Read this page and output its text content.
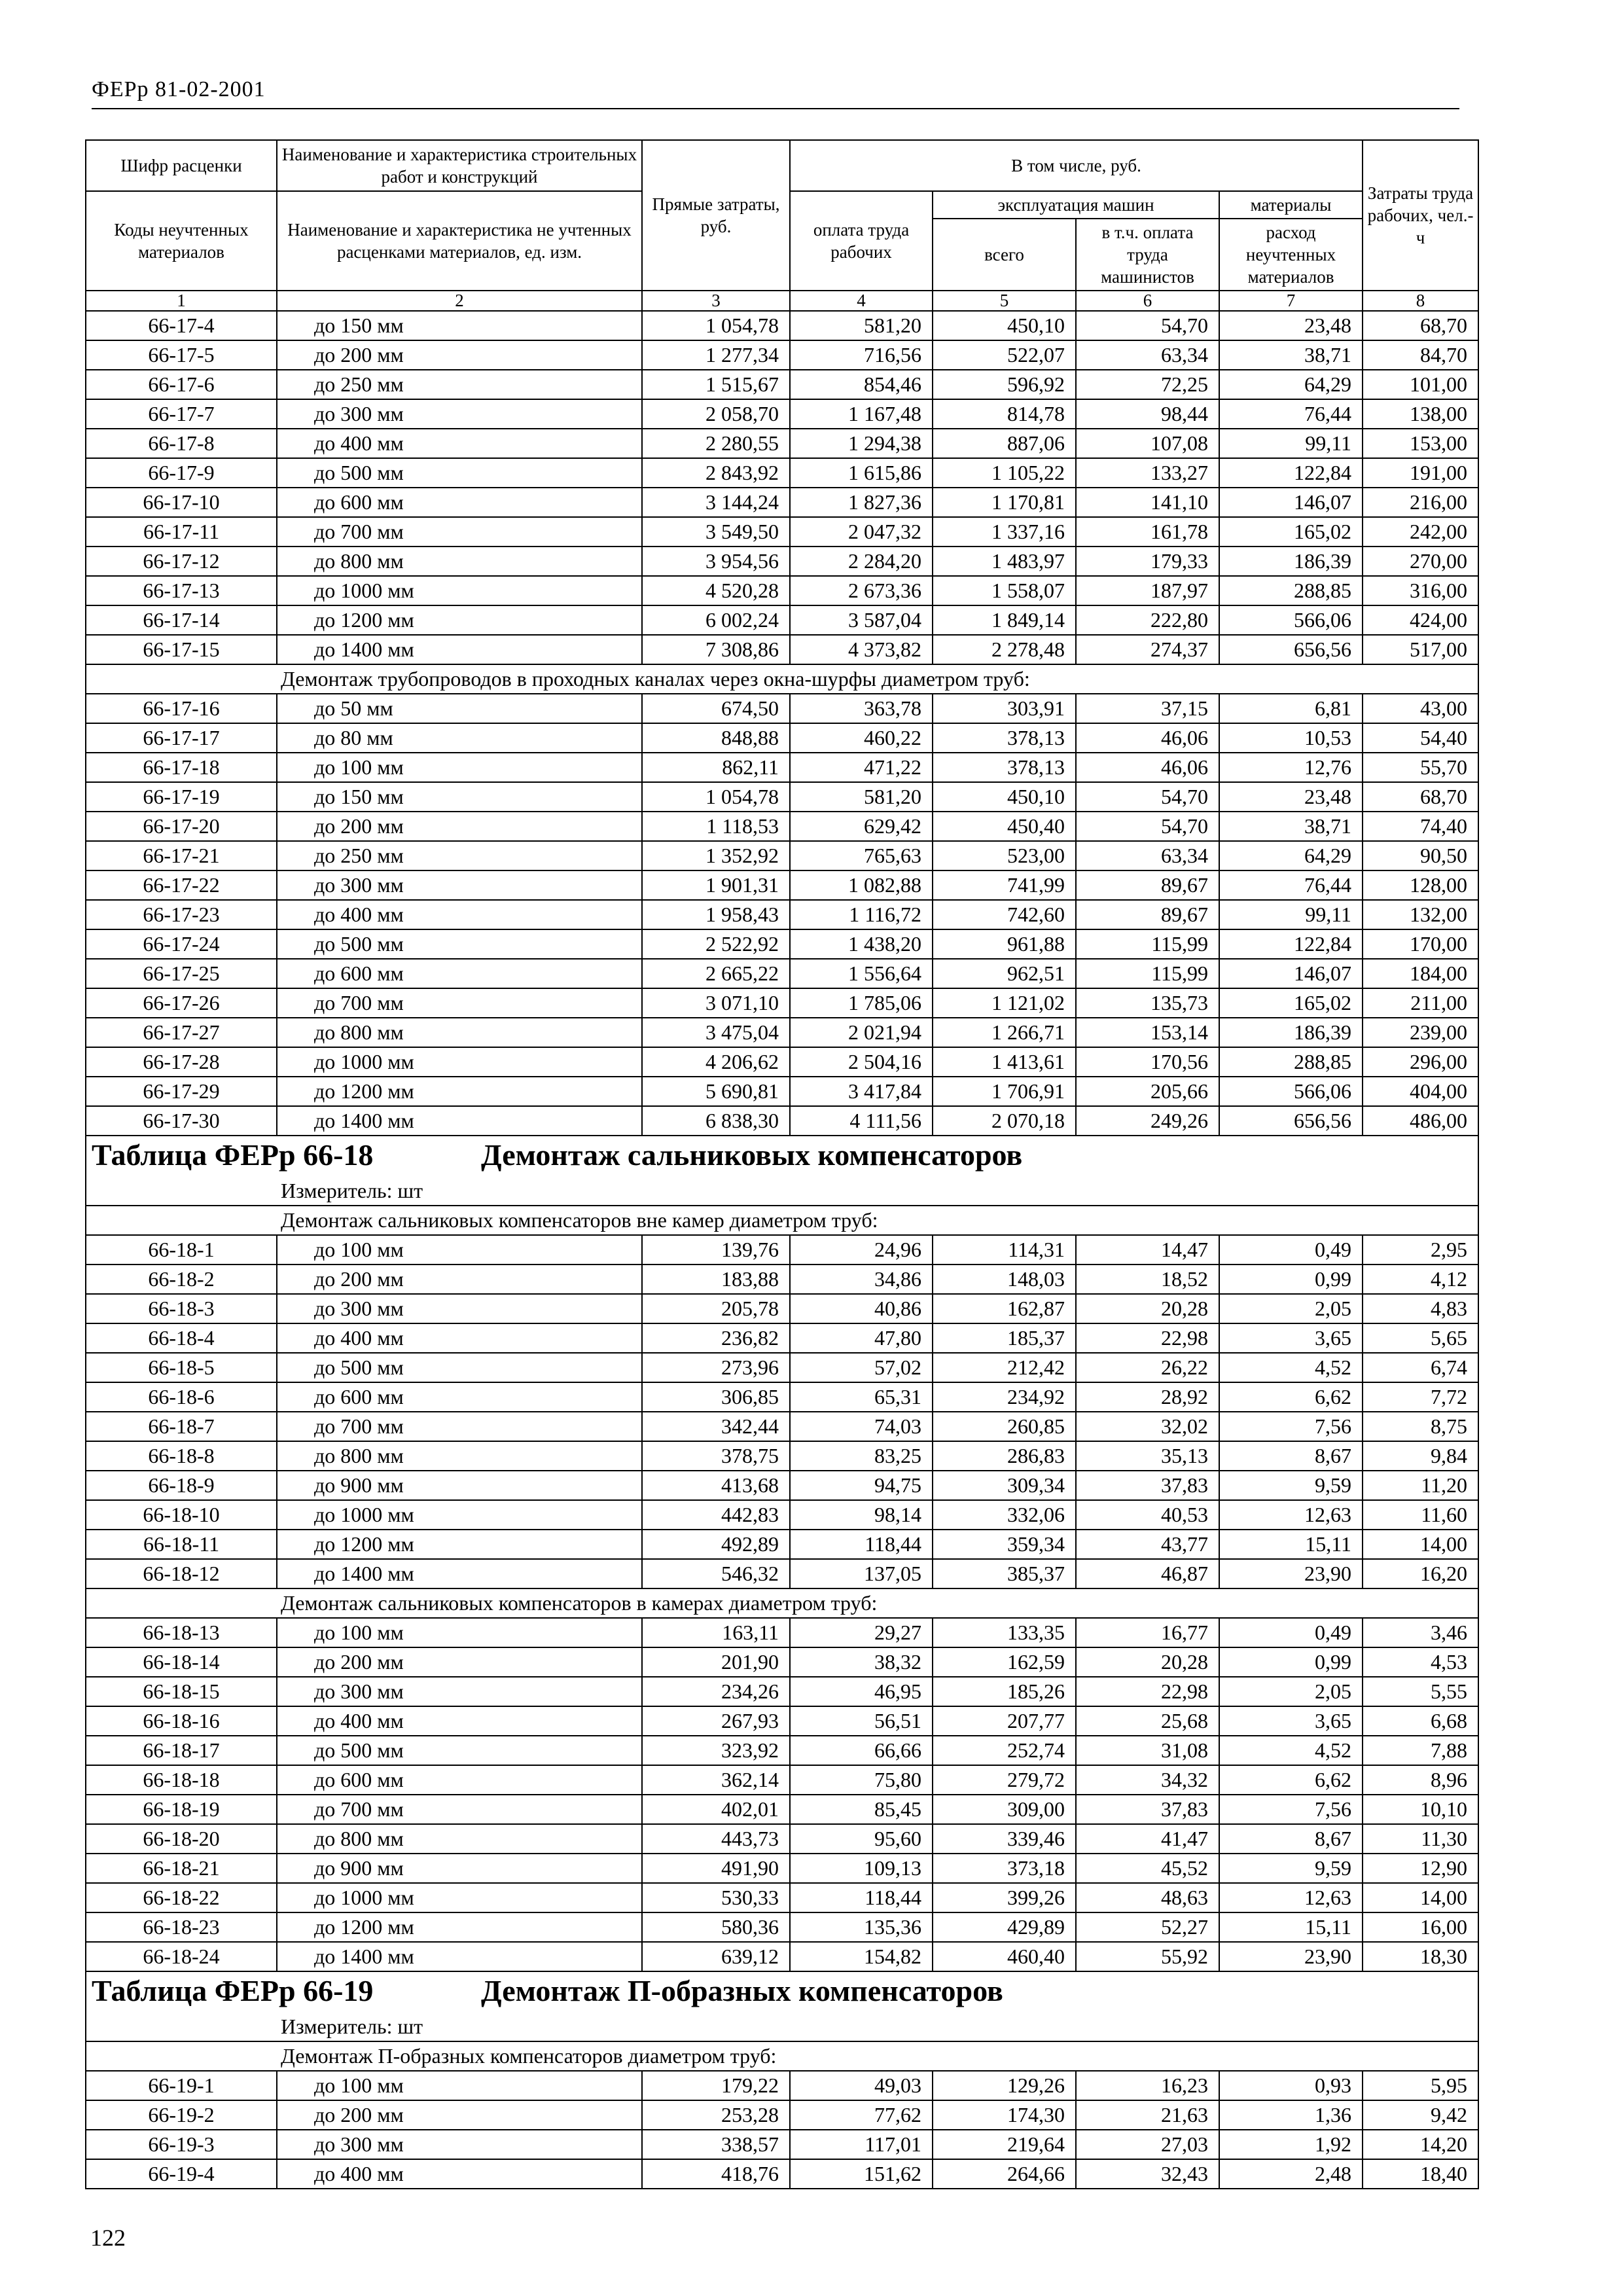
ФЕРр 81-02-2001
Шифр расценки	Наименование и характеристика строительных работ и конструкций	Прямые затраты, руб.	В том числе, руб.				Затраты труда рабочих, чел.-ч
Коды неучтенных материалов	Наименование и характеристика не учтенных расценками материалов, ед. изм.		оплата труда рабочих	эксплуатация машин		материалы	
				всего	в т.ч. оплата труда машинистов	расход неучтенных материалов	

1	2	3	4	5	6	7	8
66-17-4	до 150 мм	1 054,78	581,20	450,10	54,70	23,48	68,70
66-17-5	до 200 мм	1 277,34	716,56	522,07	63,34	38,71	84,70
66-17-6	до 250 мм	1 515,67	854,46	596,92	72,25	64,29	101,00
66-17-7	до 300 мм	2 058,70	1 167,48	814,78	98,44	76,44	138,00
66-17-8	до 400 мм	2 280,55	1 294,38	887,06	107,08	99,11	153,00
66-17-9	до 500 мм	2 843,92	1 615,86	1 105,22	133,27	122,84	191,00
66-17-10	до 600 мм	3 144,24	1 827,36	1 170,81	141,10	146,07	216,00
66-17-11	до 700 мм	3 549,50	2 047,32	1 337,16	161,78	165,02	242,00
66-17-12	до 800 мм	3 954,56	2 284,20	1 483,97	179,33	186,39	270,00
66-17-13	до 1000 мм	4 520,28	2 673,36	1 558,07	187,97	288,85	316,00
66-17-14	до 1200 мм	6 002,24	3 587,04	1 849,14	222,80	566,06	424,00
66-17-15	до 1400 мм	7 308,86	4 373,82	2 278,48	274,37	656,56	517,00
Демонтаж трубопроводов в проходных каналах через окна-шурфы диаметром труб:							
66-17-16	до 50 мм	674,50	363,78	303,91	37,15	6,81	43,00
66-17-17	до 80 мм	848,88	460,22	378,13	46,06	10,53	54,40
66-17-18	до 100 мм	862,11	471,22	378,13	46,06	12,76	55,70
66-17-19	до 150 мм	1 054,78	581,20	450,10	54,70	23,48	68,70
66-17-20	до 200 мм	1 118,53	629,42	450,40	54,70	38,71	74,40
66-17-21	до 250 мм	1 352,92	765,63	523,00	63,34	64,29	90,50
66-17-22	до 300 мм	1 901,31	1 082,88	741,99	89,67	76,44	128,00
66-17-23	до 400 мм	1 958,43	1 116,72	742,60	89,67	99,11	132,00
66-17-24	до 500 мм	2 522,92	1 438,20	961,88	115,99	122,84	170,00
66-17-25	до 600 мм	2 665,22	1 556,64	962,51	115,99	146,07	184,00
66-17-26	до 700 мм	3 071,10	1 785,06	1 121,02	135,73	165,02	211,00
66-17-27	до 800 мм	3 475,04	2 021,94	1 266,71	153,14	186,39	239,00
66-17-28	до 1000 мм	4 206,62	2 504,16	1 413,61	170,56	288,85	296,00
66-17-29	до 1200 мм	5 690,81	3 417,84	1 706,91	205,66	566,06	404,00
66-17-30	до 1400 мм	6 838,30	4 111,56	2 070,18	249,26	656,56	486,00
Таблица ФЕРр 66-18 Демонтаж сальниковых компенсаторов							
Измеритель: шт							
Демонтаж сальниковых компенсаторов вне камер диаметром труб:							
66-18-1	до 100 мм	139,76	24,96	114,31	14,47	0,49	2,95
66-18-2	до 200 мм	183,88	34,86	148,03	18,52	0,99	4,12
66-18-3	до 300 мм	205,78	40,86	162,87	20,28	2,05	4,83
66-18-4	до 400 мм	236,82	47,80	185,37	22,98	3,65	5,65
66-18-5	до 500 мм	273,96	57,02	212,42	26,22	4,52	6,74
66-18-6	до 600 мм	306,85	65,31	234,92	28,92	6,62	7,72
66-18-7	до 700 мм	342,44	74,03	260,85	32,02	7,56	8,75
66-18-8	до 800 мм	378,75	83,25	286,83	35,13	8,67	9,84
66-18-9	до 900 мм	413,68	94,75	309,34	37,83	9,59	11,20
66-18-10	до 1000 мм	442,83	98,14	332,06	40,53	12,63	11,60
66-18-11	до 1200 мм	492,89	118,44	359,34	43,77	15,11	14,00
66-18-12	до 1400 мм	546,32	137,05	385,37	46,87	23,90	16,20
Демонтаж сальниковых компенсаторов в камерах диаметром труб:							
66-18-13	до 100 мм	163,11	29,27	133,35	16,77	0,49	3,46
66-18-14	до 200 мм	201,90	38,32	162,59	20,28	0,99	4,53
66-18-15	до 300 мм	234,26	46,95	185,26	22,98	2,05	5,55
66-18-16	до 400 мм	267,93	56,51	207,77	25,68	3,65	6,68
66-18-17	до 500 мм	323,92	66,66	252,74	31,08	4,52	7,88
66-18-18	до 600 мм	362,14	75,80	279,72	34,32	6,62	8,96
66-18-19	до 700 мм	402,01	85,45	309,00	37,83	7,56	10,10
66-18-20	до 800 мм	443,73	95,60	339,46	41,47	8,67	11,30
66-18-21	до 900 мм	491,90	109,13	373,18	45,52	9,59	12,90
66-18-22	до 1000 мм	530,33	118,44	399,26	48,63	12,63	14,00
66-18-23	до 1200 мм	580,36	135,36	429,89	52,27	15,11	16,00
66-18-24	до 1400 мм	639,12	154,82	460,40	55,92	23,90	18,30
Таблица ФЕРр 66-19 Демонтаж П-образных компенсаторов							
Измеритель: шт							
Демонтаж П-образных компенсаторов диаметром труб:							
66-19-1	до 100 мм	179,22	49,03	129,26	16,23	0,93	5,95
66-19-2	до 200 мм	253,28	77,62	174,30	21,63	1,36	9,42
66-19-3	до 300 мм	338,57	117,01	219,64	27,03	1,92	14,20
66-19-4	до 400 мм	418,76	151,62	264,66	32,43	2,48	18,40
122
